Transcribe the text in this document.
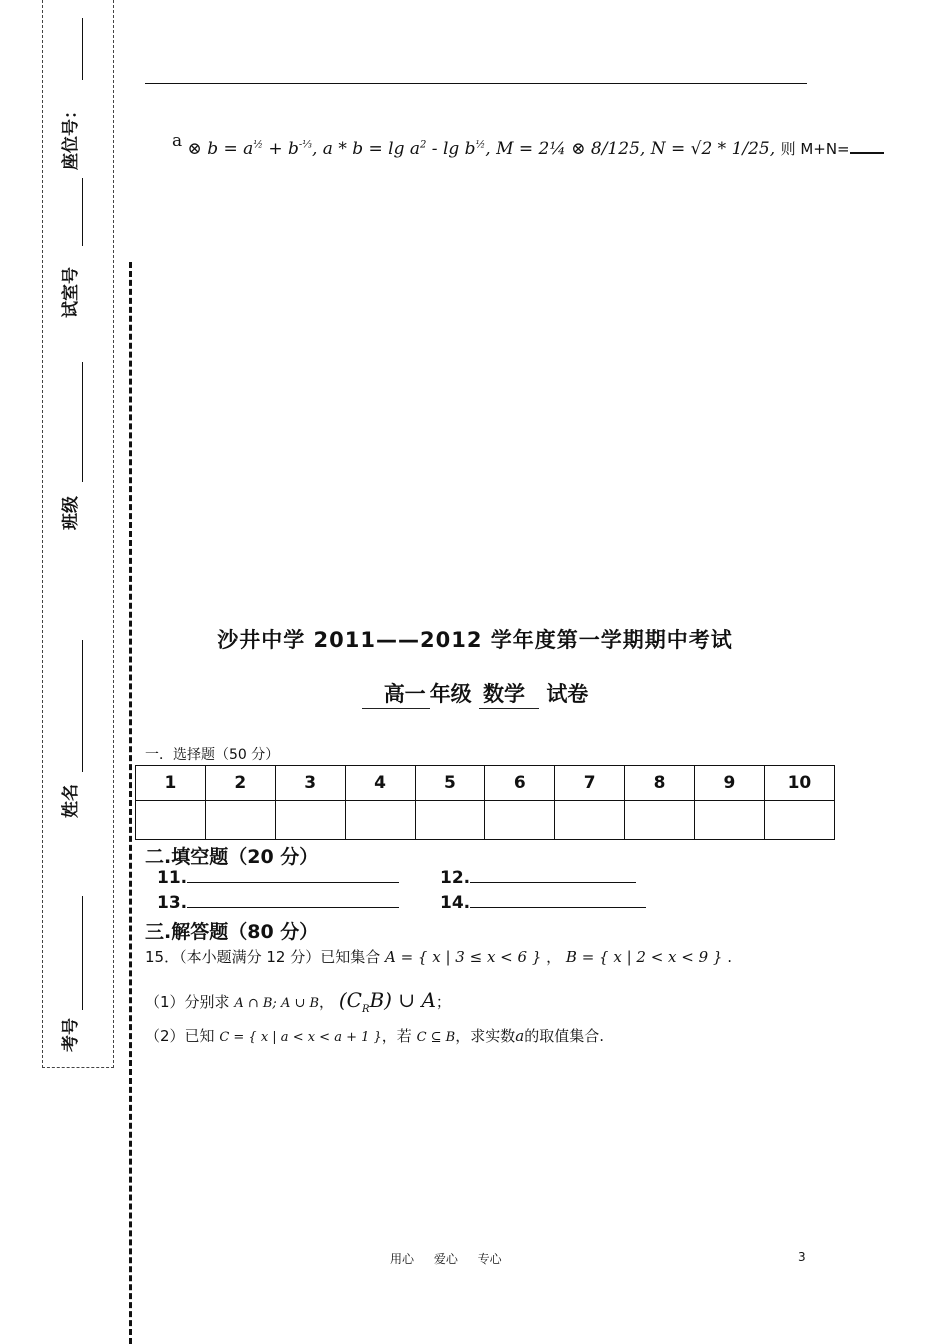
座位号：
试室号
班级
姓名
考号
a ⊗ $b = a^{\frac{1}{2}} + b^{-\frac{1}{3}}$, $a * b = \lg a^2 - \lg b^{\frac{1}{2}}$, M = 2¼ ⊗ 8/125, N = √2 * 1/25, 则 M+N=
沙井中学 2011——2012 学年度第一学期期中考试
高一 年级 数学 试卷
一．选择题（50 分）
1	2	3	4	5	6	7	8	9	10

二.填空题（20 分）
11.	12.
13.	14.
三.解答题（80 分）
15．（本小题满分 12 分）已知集合 A = { x | 3 ≤ x < 6 } ， B = { x | 2 < x < 9 } .
（1）分别求 A ∩ B; A ∪ B， $(C_RB)$ ∪ A；
（2）已知 C = { x | a < x < a + 1 }，若 C ⊆ B，求实数a的取值集合.
用心 爱心 专心	3
